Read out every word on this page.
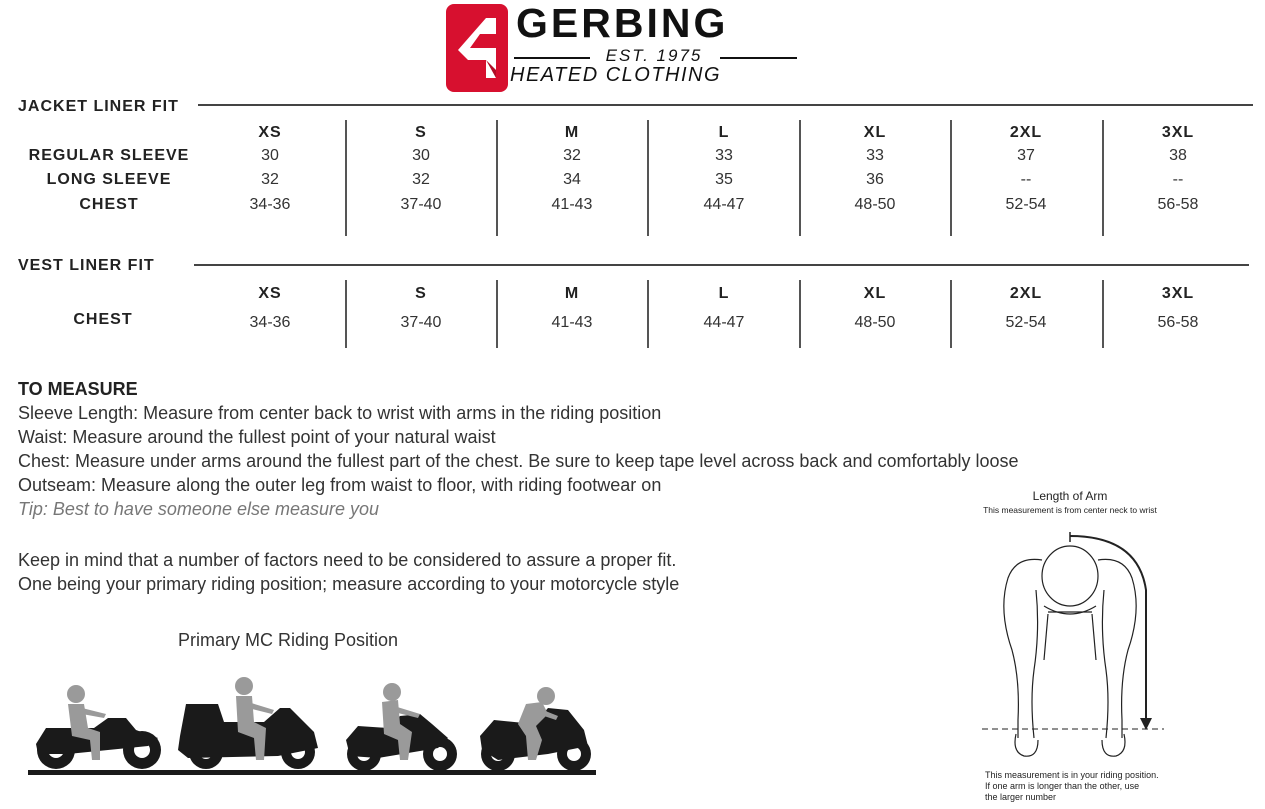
GERBING
EST. 1975
HEATED CLOTHING
JACKET LINER FIT
XS	S	M	L	XL	2XL	3XL
REGULAR SLEEVE	30	30	32	33	33	37	38
LONG SLEEVE	32	32	34	35	36	--	--
CHEST	34-36	37-40	41-43	44-47	48-50	52-54	56-58
VEST LINER FIT
XS	S	M	L	XL	2XL	3XL
CHEST	34-36	37-40	41-43	44-47	48-50	52-54	56-58
TO MEASURE
Sleeve Length: Measure from center back to wrist with arms in the riding position
Waist: Measure around the fullest point of your natural waist
Chest: Measure under arms around the fullest part of the chest. Be sure to keep tape level across back and comfortably loose
Outseam: Measure along the outer leg from waist to floor, with riding footwear on
Tip: Best to have someone else measure you
Keep in mind that a number of factors need to be considered to assure a proper fit.
One being your primary riding position; measure according to your motorcycle style
Primary MC Riding Position
Length of Arm
This measurement is from center neck to wrist
This measurement is in your riding position.
If one arm is longer than the other, use
the larger number
